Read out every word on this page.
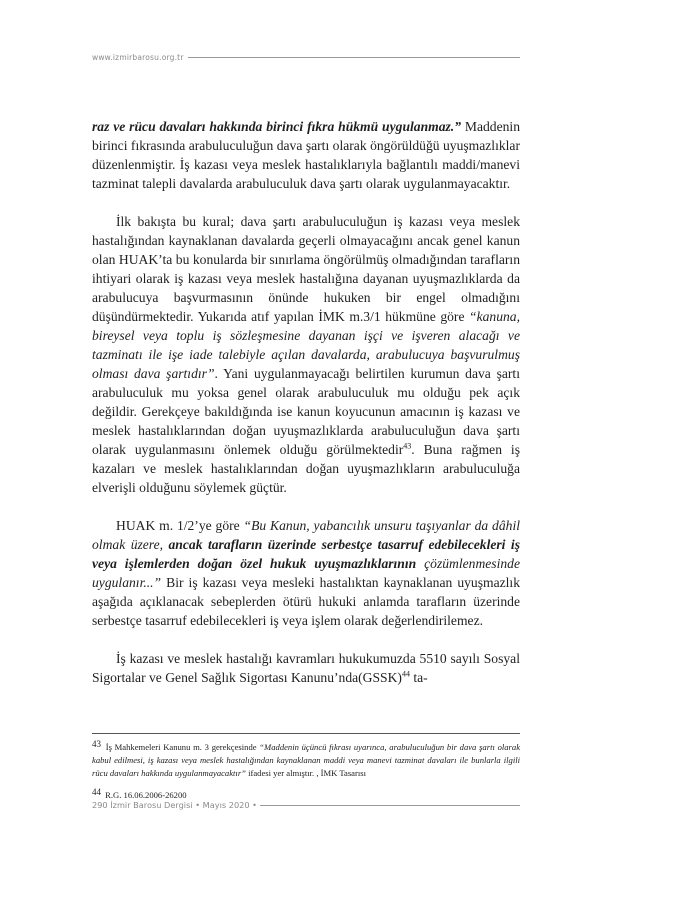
www.izmirbarosu.org.tr

raz ve rücu davaları hakkında birinci fıkra hükmü uygulanmaz.” Maddenin birinci fıkrasında arabuluculuğun dava şartı olarak öngörüldüğü uyuşmazlıklar düzenlenmiştir. İş kazası veya meslek hastalıklarıyla bağlantılı maddi/manevi tazminat talepli davalarda arabuluculuk dava şartı olarak uygulanmayacaktır.

İlk bakışta bu kural; dava şartı arabuluculuğun iş kazası veya meslek hastalığından kaynaklanan davalarda geçerli olmayacağını ancak genel kanun olan HUAK’ta bu konularda bir sınırlama öngörülmüş olmadığından tarafların ihtiyari olarak iş kazası veya meslek hastalığına dayanan uyuşmazlıklarda da arabulucuya başvurmasının önünde hukuken bir engel olmadığını düşündürmektedir. Yukarıda atıf yapılan İMK m.3/1 hükmüne göre “kanuna, bireysel veya toplu iş sözleşmesine dayanan işçi ve işveren alacağı ve tazminatı ile işe iade talebiyle açılan davalarda, arabulucuya başvurulmuş olması dava şartıdır”. Yani uygulanmayacağı belirtilen kurumun dava şartı arabuluculuk mu yoksa genel olarak arabuluculuk mu olduğu pek açık değildir. Gerekçeye bakıldığında ise kanun koyucunun amacının iş kazası ve meslek hastalıklarından doğan uyuşmazlıklarda arabuluculuğun dava şartı olarak uygulanmasını önlemek olduğu görülmektedir$^{43}$. Buna rağmen iş kazaları ve meslek hastalıklarından doğan uyuşmazlıkların arabuluculuğa elverişli olduğunu söylemek güçtür.

HUAK m. 1/2’ye göre “Bu Kanun, yabancılık unsuru taşıyanlar da dâhil olmak üzere, ancak tarafların üzerinde serbestçe tasarruf edebilecekleri iş veya işlemlerden doğan özel hukuk uyuşmazlıklarının çözümlenmesinde uygulanır...” Bir iş kazası veya mesleki hastalıktan kaynaklanan uyuşmazlık aşağıda açıklanacak sebeplerden ötürü hukuki anlamda tarafların üzerinde serbestçe tasarruf edebilecekleri iş veya işlem olarak değerlendirilemez.

İş kazası ve meslek hastalığı kavramları hukukumuzda 5510 sayılı Sosyal Sigortalar ve Genel Sağlık Sigortası Kanunu’nda(GSSK)$^{44}$ ta-

43 İş Mahkemeleri Kanunu m. 3 gerekçesinde “Maddenin üçüncü fıkrası uyarınca, arabuluculuğun bir dava şartı olarak kabul edilmesi, iş kazası veya meslek hastalığından kaynaklanan maddi veya manevi tazminat davaları ile bunlarla ilgili rücu davaları hakkında uygulanmayacaktır” ifadesi yer almıştır. , İMK Tasarısı

44 R.G. 16.06.2006-26200

290 İzmir Barosu Dergisi • Mayıs 2020 •
